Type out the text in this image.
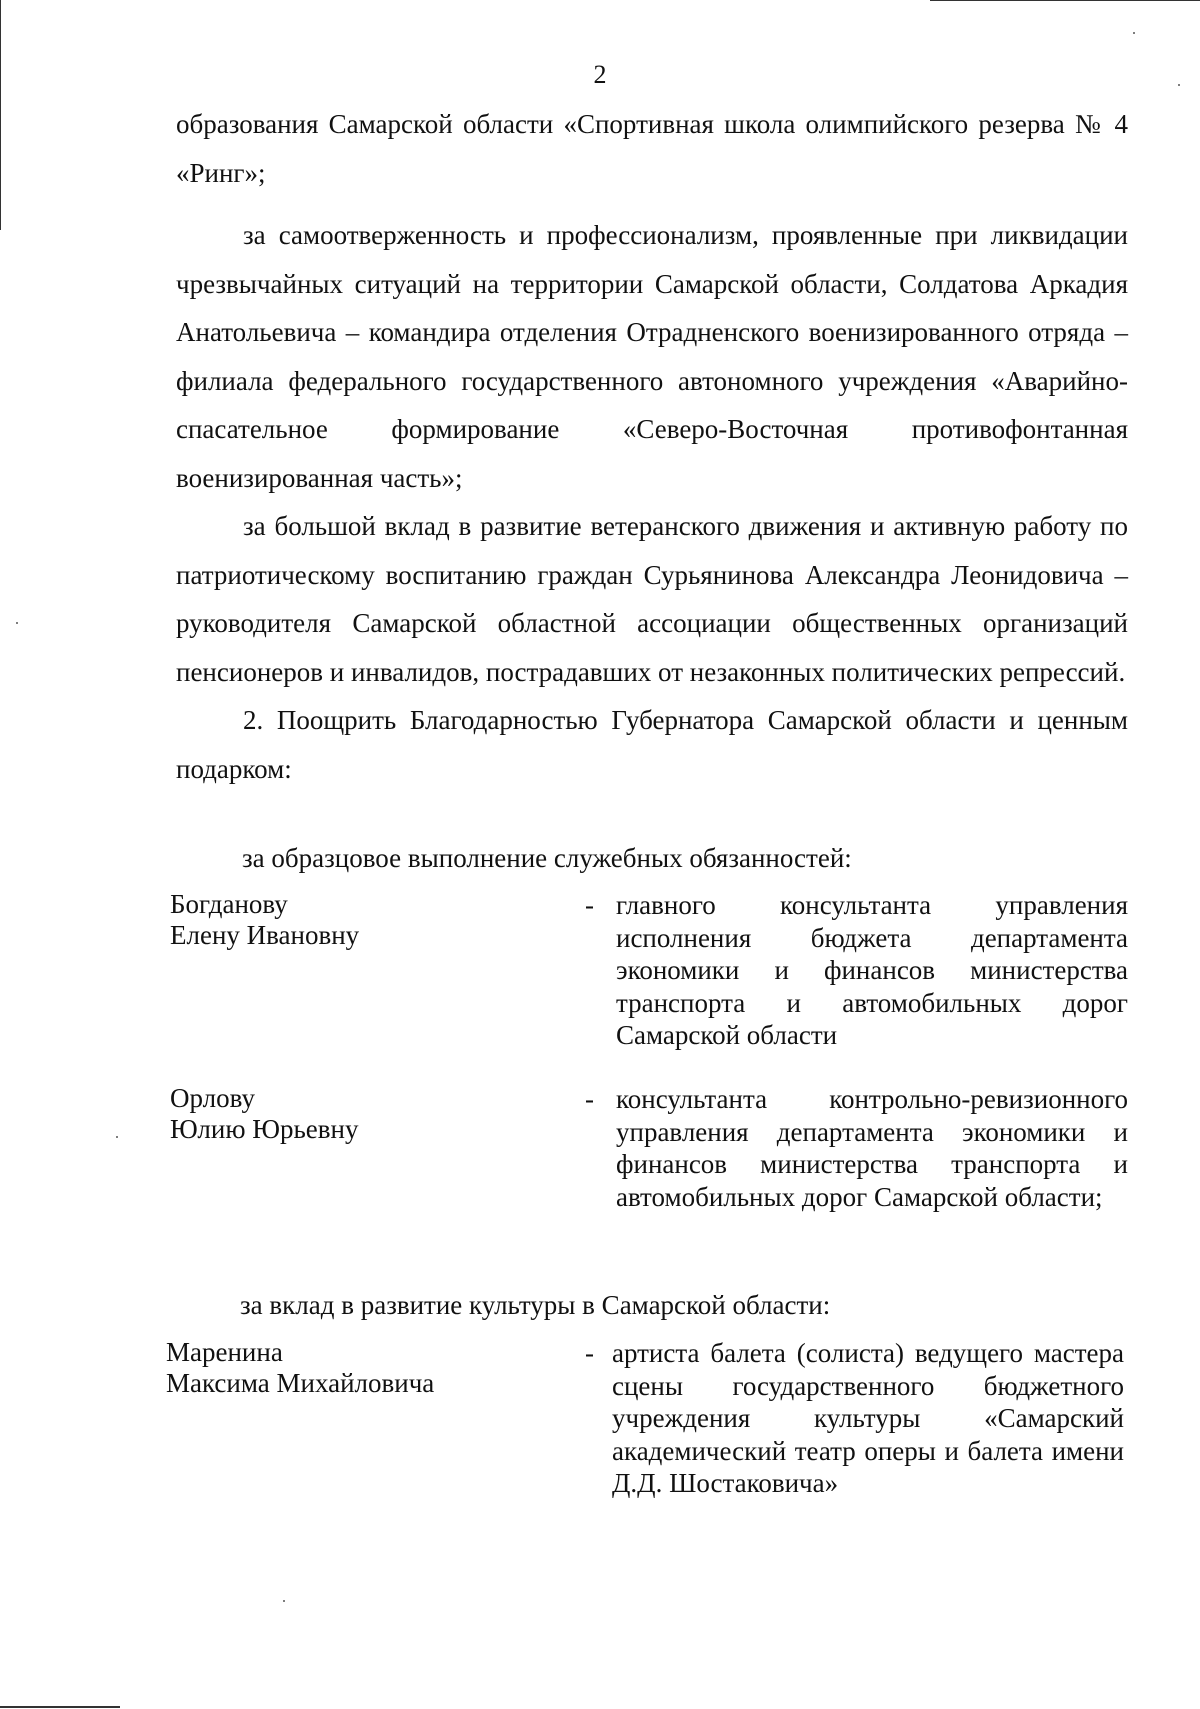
2

образования Самарской области «Спортивная школа олимпийского резерва № 4 «Ринг»;

за самоотверженность и профессионализм, проявленные при ликвидации чрезвычайных ситуаций на территории Самарской области, Солдатова Аркадия Анатольевича – командира отделения Отрадненского военизированного отряда – филиала федерального государственного автономного учреждения «Аварийно-спасательное формирование «Северо-Восточная противофонтанная военизированная часть»;

за большой вклад в развитие ветеранского движения и активную работу по патриотическому воспитанию граждан Сурьянинова Александра Леонидовича – руководителя Самарской областной ассоциации общественных организаций пенсионеров и инвалидов, пострадавших от незаконных политических репрессий.

2. Поощрить Благодарностью Губернатора Самарской области и ценным подарком:

за образцовое выполнение служебных обязанностей:
Богданову
Елену Ивановну
- главного консультанта управления исполнения бюджета департамента экономики и финансов министерства транспорта и автомобильных дорог Самарской области
Орлову
Юлию Юрьевну
- консультанта контрольно-ревизионного управления департамента экономики и финансов министерства транспорта и автомобильных дорог Самарской области;
за вклад в развитие культуры в Самарской области:
Маренина
Максима Михайловича
- артиста балета (солиста) ведущего мастера сцены государственного бюджетного учреждения культуры «Самарский академический театр оперы и балета имени Д.Д. Шостаковича»
